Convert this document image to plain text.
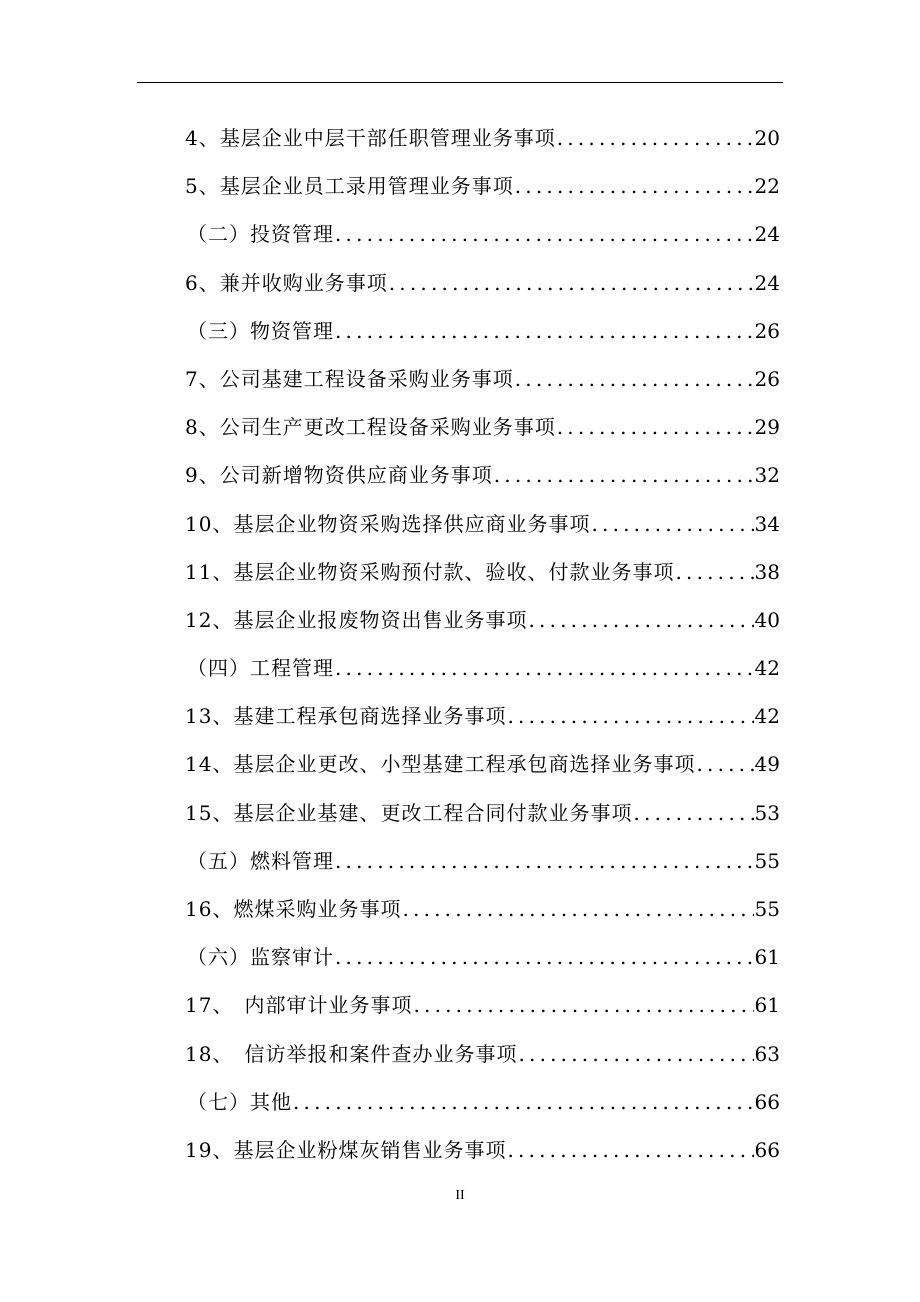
4、基层企业中层干部任职管理业务事项 .....	20
5、基层企业员工录用管理业务事项 .....	22
（二）投资管理 .....	24
6、兼并收购业务事项 .....	24
（三）物资管理 .....	26
7、公司基建工程设备采购业务事项 .....	26
8、公司生产更改工程设备采购业务事项 .....	29
9、公司新增物资供应商业务事项 .....	32
10、基层企业物资采购选择供应商业务事项 .....	34
11、基层企业物资采购预付款、验收、付款业务事项 .....	38
12、基层企业报废物资出售业务事项 .....	40
（四）工程管理 .....	42
13、基建工程承包商选择业务事项 .....	42
14、基层企业更改、小型基建工程承包商选择业务事项 .....	49
15、基层企业基建、更改工程合同付款业务事项 .....	53
（五）燃料管理 .....	55
16、燃煤采购业务事项 .....	55
（六）监察审计 .....	61
17、　内部审计业务事项 .....	61
18、　信访举报和案件查办业务事项 .....	63
（七）其他 .....	66
19、基层企业粉煤灰销售业务事项 .....	66
II
